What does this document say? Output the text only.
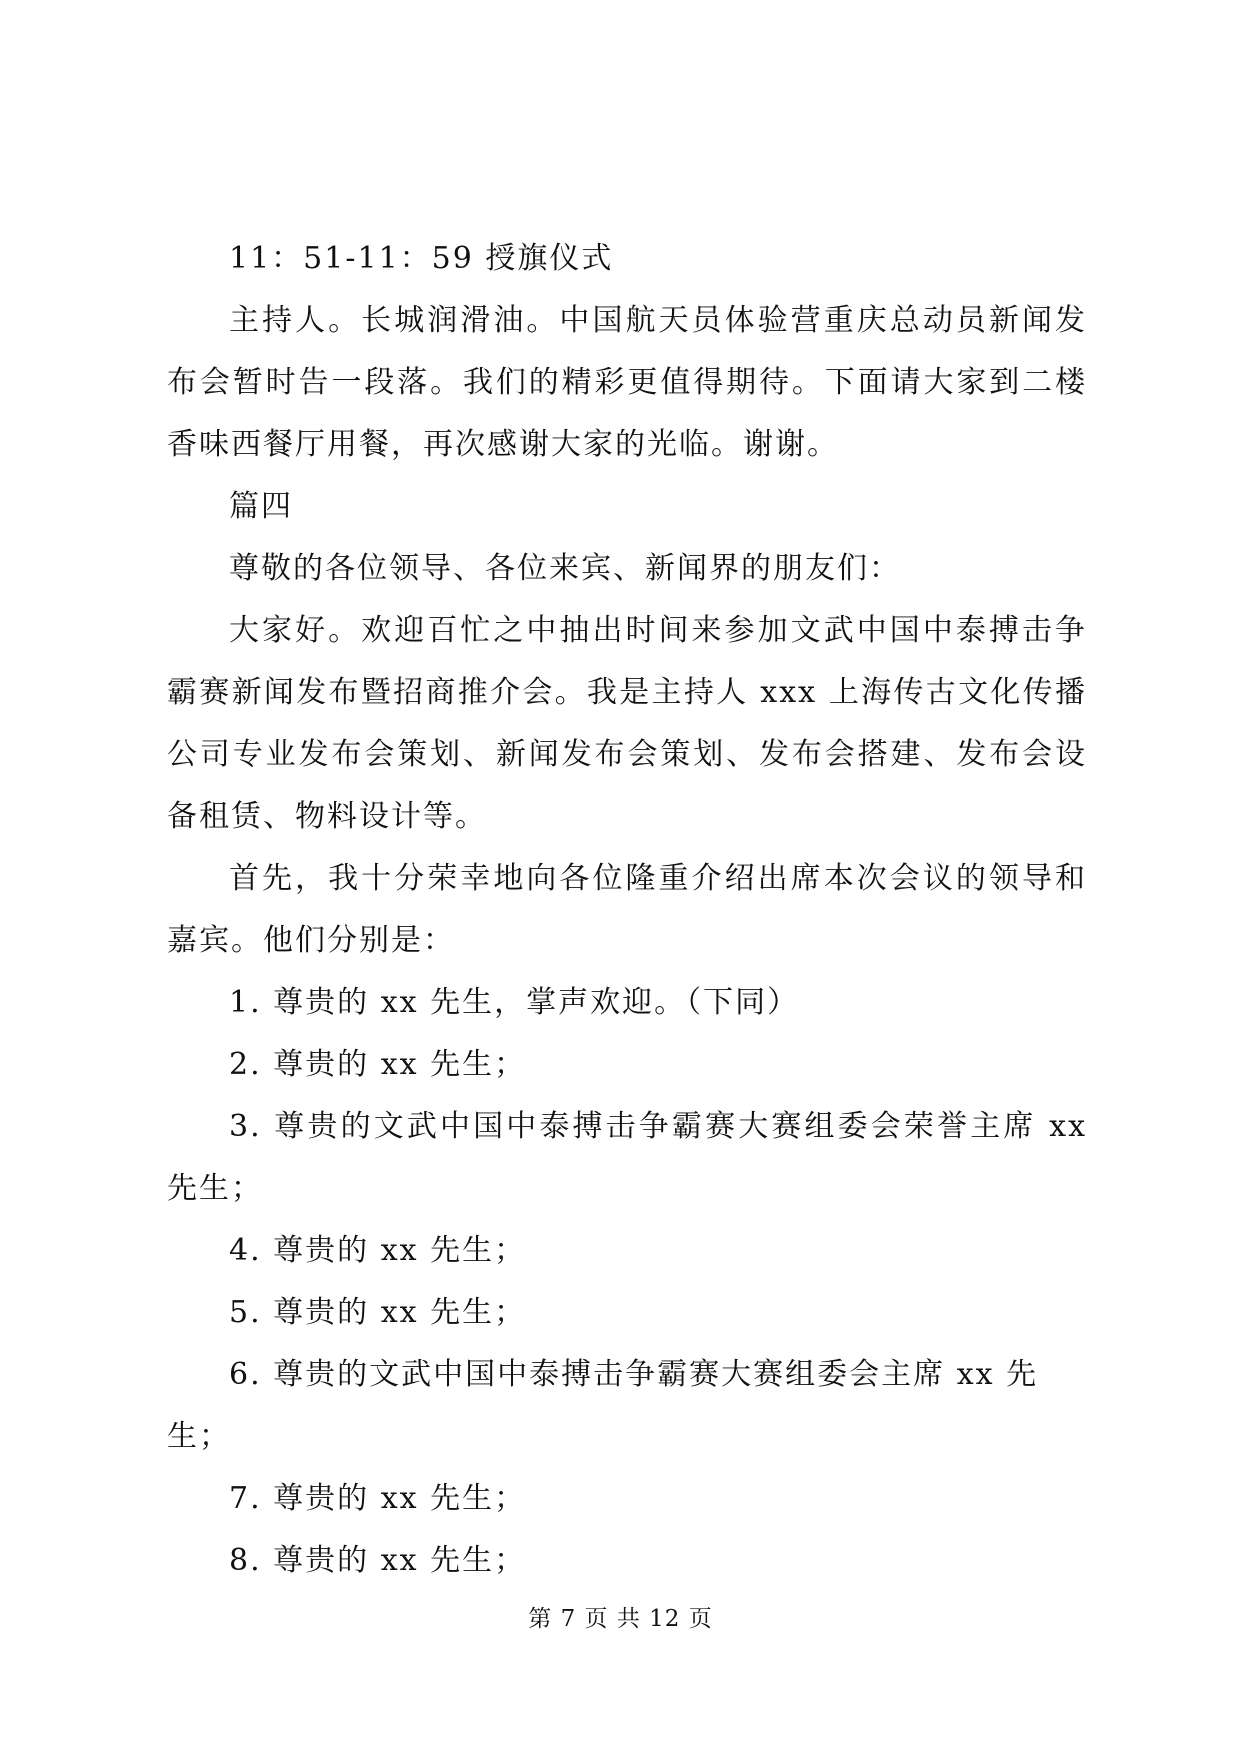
11：51-11：59 授旗仪式

主持人。长城润滑油。中国航天员体验营重庆总动员新闻发布会暂时告一段落。我们的精彩更值得期待。下面请大家到二楼香味西餐厅用餐，再次感谢大家的光临。谢谢。

篇四

尊敬的各位领导、各位来宾、新闻界的朋友们：

大家好。欢迎百忙之中抽出时间来参加文武中国中泰搏击争霸赛新闻发布暨招商推介会。我是主持人 xxx 上海传古文化传播公司专业发布会策划、新闻发布会策划、发布会搭建、发布会设备租赁、物料设计等。

首先，我十分荣幸地向各位隆重介绍出席本次会议的领导和嘉宾。他们分别是：

1. 尊贵的 xx 先生，掌声欢迎。（下同）

2. 尊贵的 xx 先生；

3. 尊贵的文武中国中泰搏击争霸赛大赛组委会荣誉主席 xx 先生；

4. 尊贵的 xx 先生；

5. 尊贵的 xx 先生；

6. 尊贵的文武中国中泰搏击争霸赛大赛组委会主席 xx 先生；

7. 尊贵的 xx 先生；

8. 尊贵的 xx 先生；

第 7 页 共 12 页
